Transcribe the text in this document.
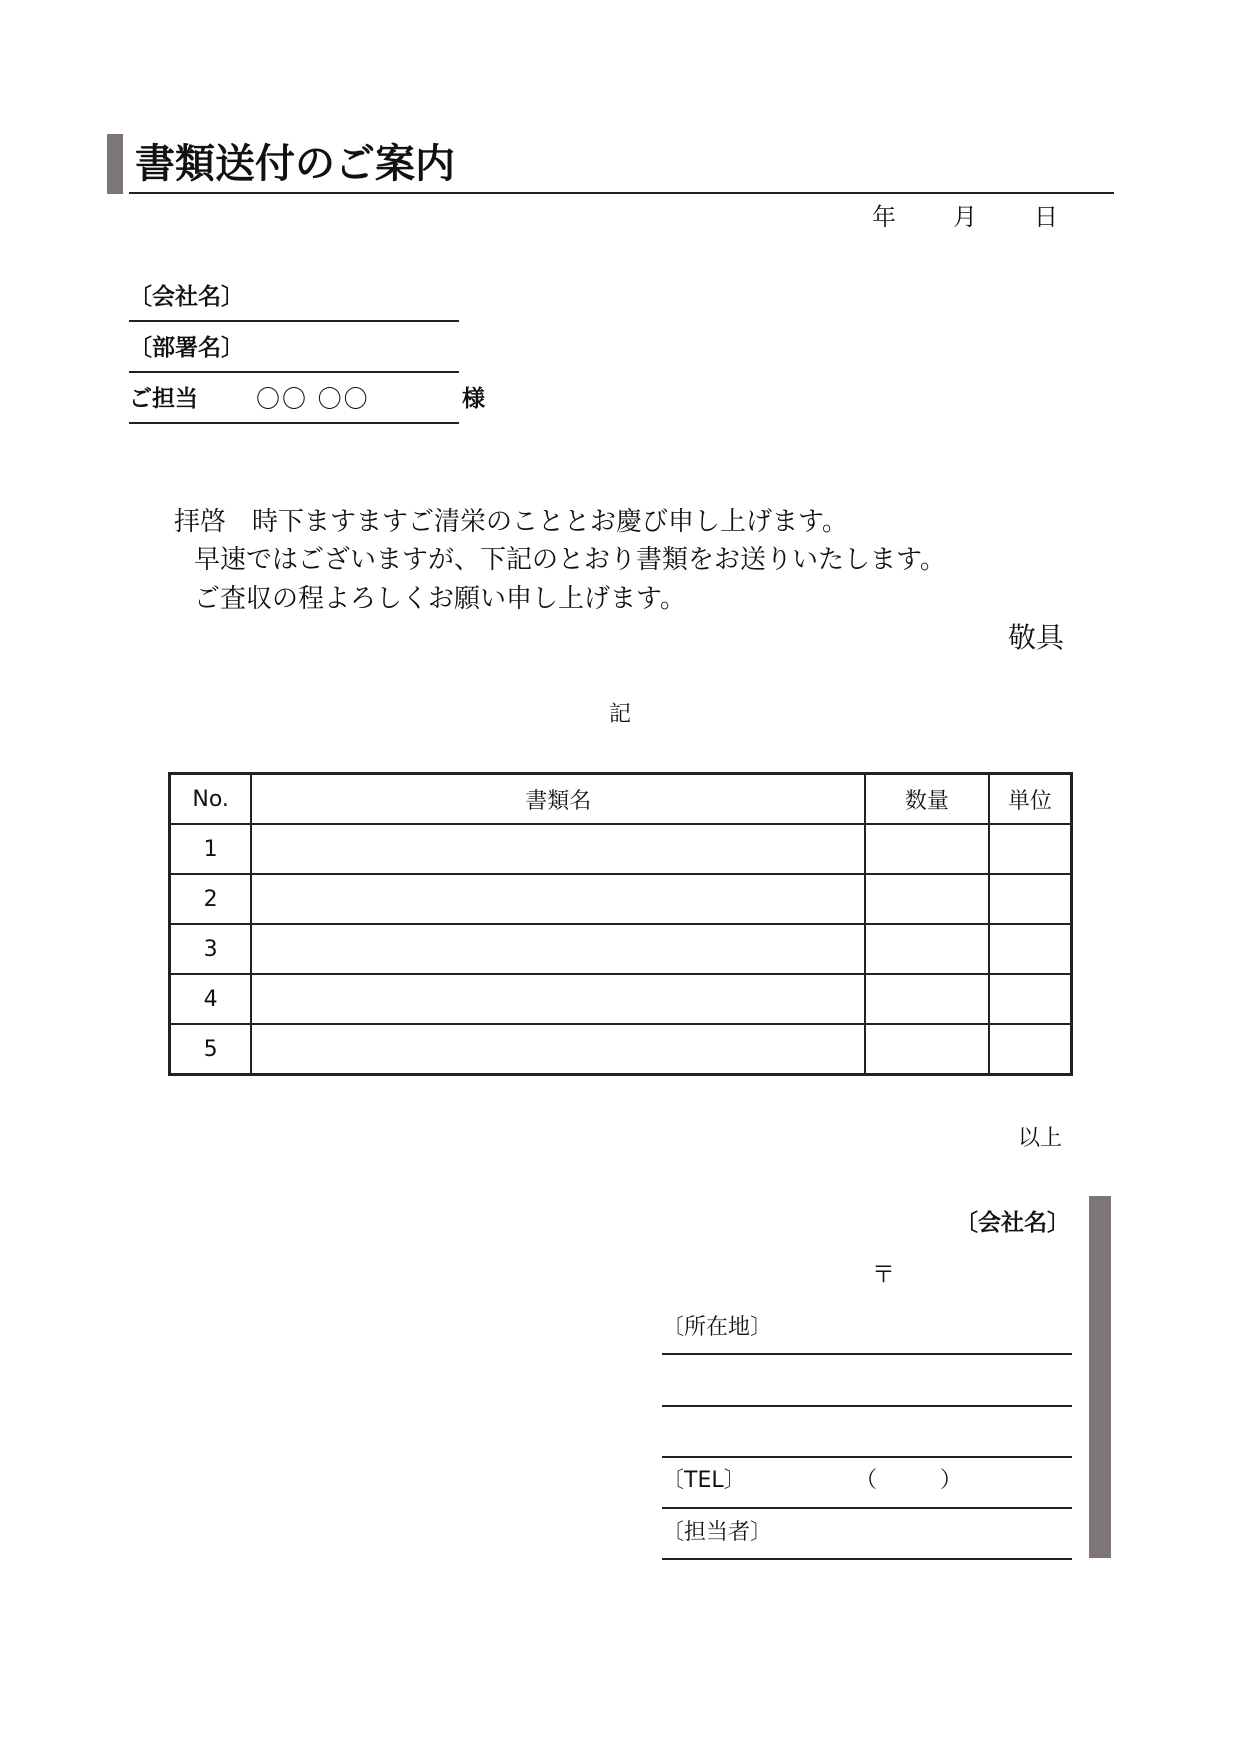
書類送付のご案内
年 月 日
〔会社名〕
〔部署名〕
ご担当 〇〇 〇〇	様
拝啓　時下ますますご清栄のこととお慶び申し上げます。
早速ではございますが、下記のとおり書類をお送りいたします。
ご査収の程よろしくお願い申し上げます。
敬具
記
No.	書類名	数量	単位
1			
2			
3			
4			
5			
以上
〔会社名〕
〒
〔所在地〕
〔TEL〕	（	）
〔担当者〕
